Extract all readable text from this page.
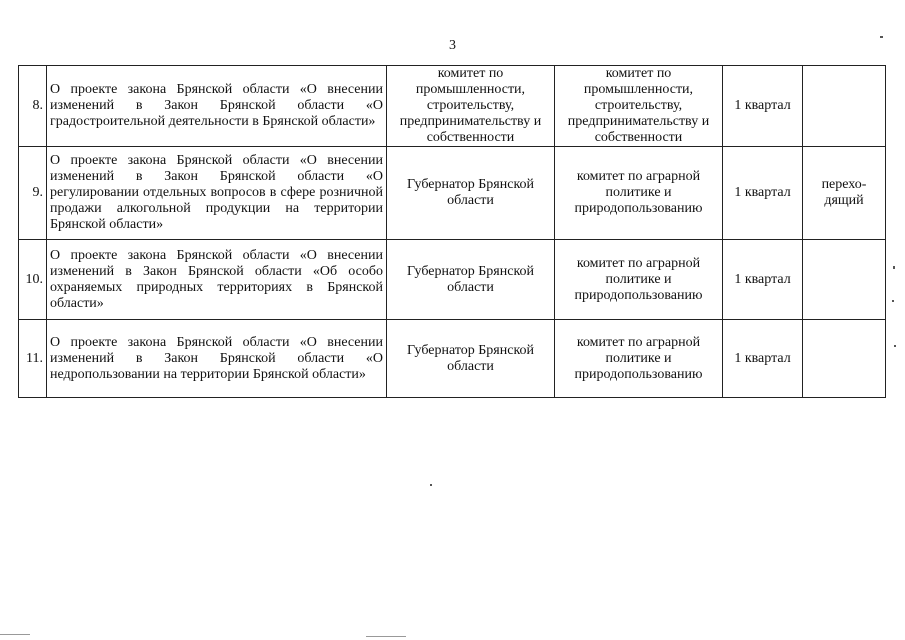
3
8.	О проекте закона Брянской области «О внесении изменений в Закон Брянской области «О градостроительной деятельности в Брянской области»	комитет по промышленности, строительству, предпринимательству и собственности	комитет по промышленности, строительству, предпринимательству и собственности	1 квартал	
9.	О проекте закона Брянской области «О внесении изменений в Закон Брянской области «О регулировании отдельных вопросов в сфере розничной продажи алкогольной продукции на территории Брянской области»	Губернатор Брянской области	комитет по аграрной политике и природопользованию	1 квартал	перехо-дящий
10.	О проекте закона Брянской области «О внесении изменений в Закон Брянской области «Об особо охраняемых природных территориях в Брянской области»	Губернатор Брянской области	комитет по аграрной политике и природопользованию	1 квартал	
11.	О проекте закона Брянской области «О внесении изменений в Закон Брянской области «О недропользовании на территории Брянской области»	Губернатор Брянской области	комитет по аграрной политике и природопользованию	1 квартал	
